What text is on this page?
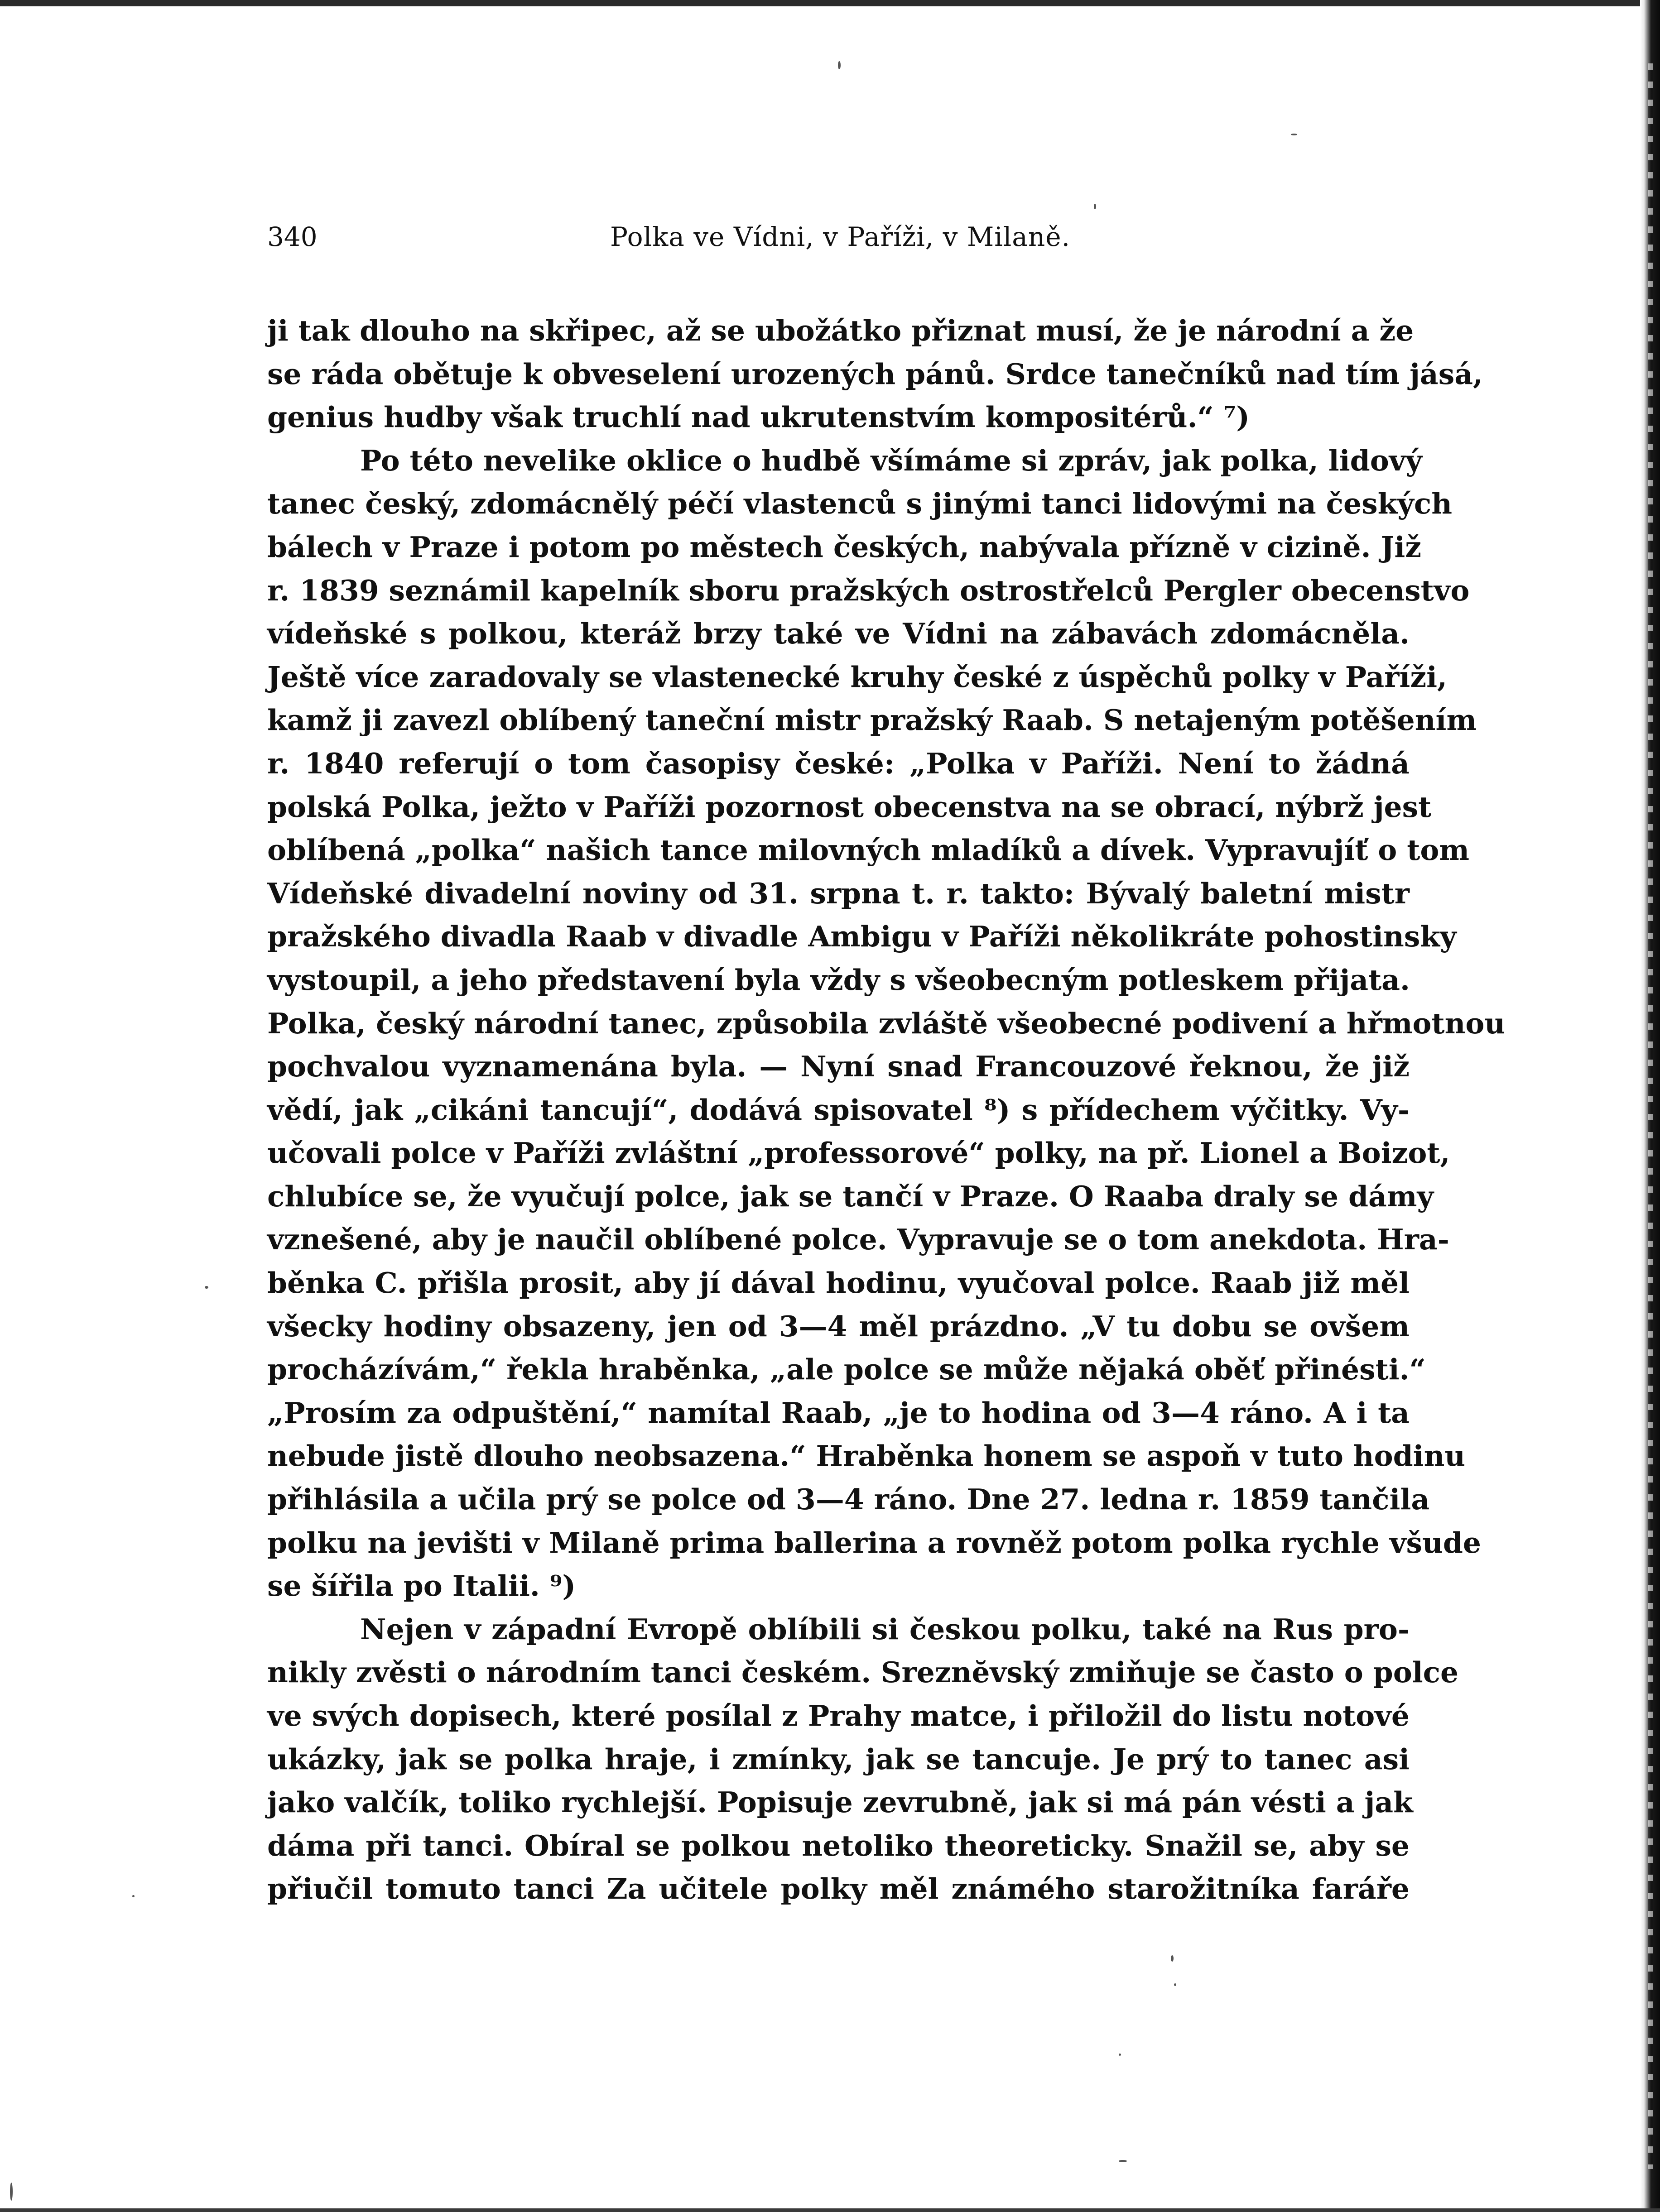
340	Polka ve Vídni, v Paříži, v Milaně.
ji tak dlouho na skřipec, až se ubožátko přiznat musí, že je národní a že
se ráda obětuje k obveselení urozených pánů. Srdce tanečníků nad tím jásá,
genius hudby však truchlí nad ukrutenstvím kompositérů.“ ⁷)
Po této nevelike oklice o hudbě všímáme si zpráv, jak polka, lidový
tanec český, zdomácnělý péčí vlastenců s jinými tanci lidovými na českých
bálech v Praze i potom po městech českých, nabývala přízně v cizině. Již
r. 1839 seznámil kapelník sboru pražských ostrostřelců Pergler obecenstvo
vídeňské s polkou, kteráž brzy také ve Vídni na zábavách zdomácněla.
Ještě více zaradovaly se vlastenecké kruhy české z úspěchů polky v Paříži,
kamž ji zavezl oblíbený taneční mistr pražský Raab. S netajeným potěšením
r. 1840 referují o tom časopisy české: „Polka v Paříži. Není to žádná
polská Polka, ježto v Paříži pozornost obecenstva na se obrací, nýbrž jest
oblíbená „polka“ našich tance milovných mladíků a dívek. Vypravujíť o tom
Vídeňské divadelní noviny od 31. srpna t. r. takto: Bývalý baletní mistr
pražského divadla Raab v divadle Ambigu v Paříži několikráte pohostinsky
vystoupil, a jeho představení byla vždy s všeobecným potleskem přijata.
Polka, český národní tanec, způsobila zvláště všeobecné podivení a hřmotnou
pochvalou vyznamenána byla. — Nyní snad Francouzové řeknou, že již
vědí, jak „cikáni tancují“, dodává spisovatel ⁸) s přídechem výčitky. Vy-
učovali polce v Paříži zvláštní „professorové“ polky, na př. Lionel a Boizot,
chlubíce se, že vyučují polce, jak se tančí v Praze. O Raaba draly se dámy
vznešené, aby je naučil oblíbené polce. Vypravuje se o tom anekdota. Hra-
běnka C. přišla prosit, aby jí dával hodinu, vyučoval polce. Raab již měl
všecky hodiny obsazeny, jen od 3—4 měl prázdno. „V tu dobu se ovšem
procházívám,“ řekla hraběnka, „ale polce se může nějaká oběť přinésti.“
„Prosím za odpuštění,“ namítal Raab, „je to hodina od 3—4 ráno. A i ta
nebude jistě dlouho neobsazena.“ Hraběnka honem se aspoň v tuto hodinu
přihlásila a učila prý se polce od 3—4 ráno. Dne 27. ledna r. 1859 tančila
polku na jevišti v Milaně prima ballerina a rovněž potom polka rychle všude
se šířila po Italii. ⁹)
Nejen v západní Evropě oblíbili si českou polku, také na Rus pro-
nikly zvěsti o národním tanci českém. Sreznĕvský zmiňuje se často o polce
ve svých dopisech, které posílal z Prahy matce, i přiložil do listu notové
ukázky, jak se polka hraje, i zmínky, jak se tancuje. Je prý to tanec asi
jako valčík, toliko rychlejší. Popisuje zevrubně, jak si má pán vésti a jak
dáma při tanci. Obíral se polkou netoliko theoreticky. Snažil se, aby se
přiučil tomuto tanci Za učitele polky měl známého starožitníka faráře
